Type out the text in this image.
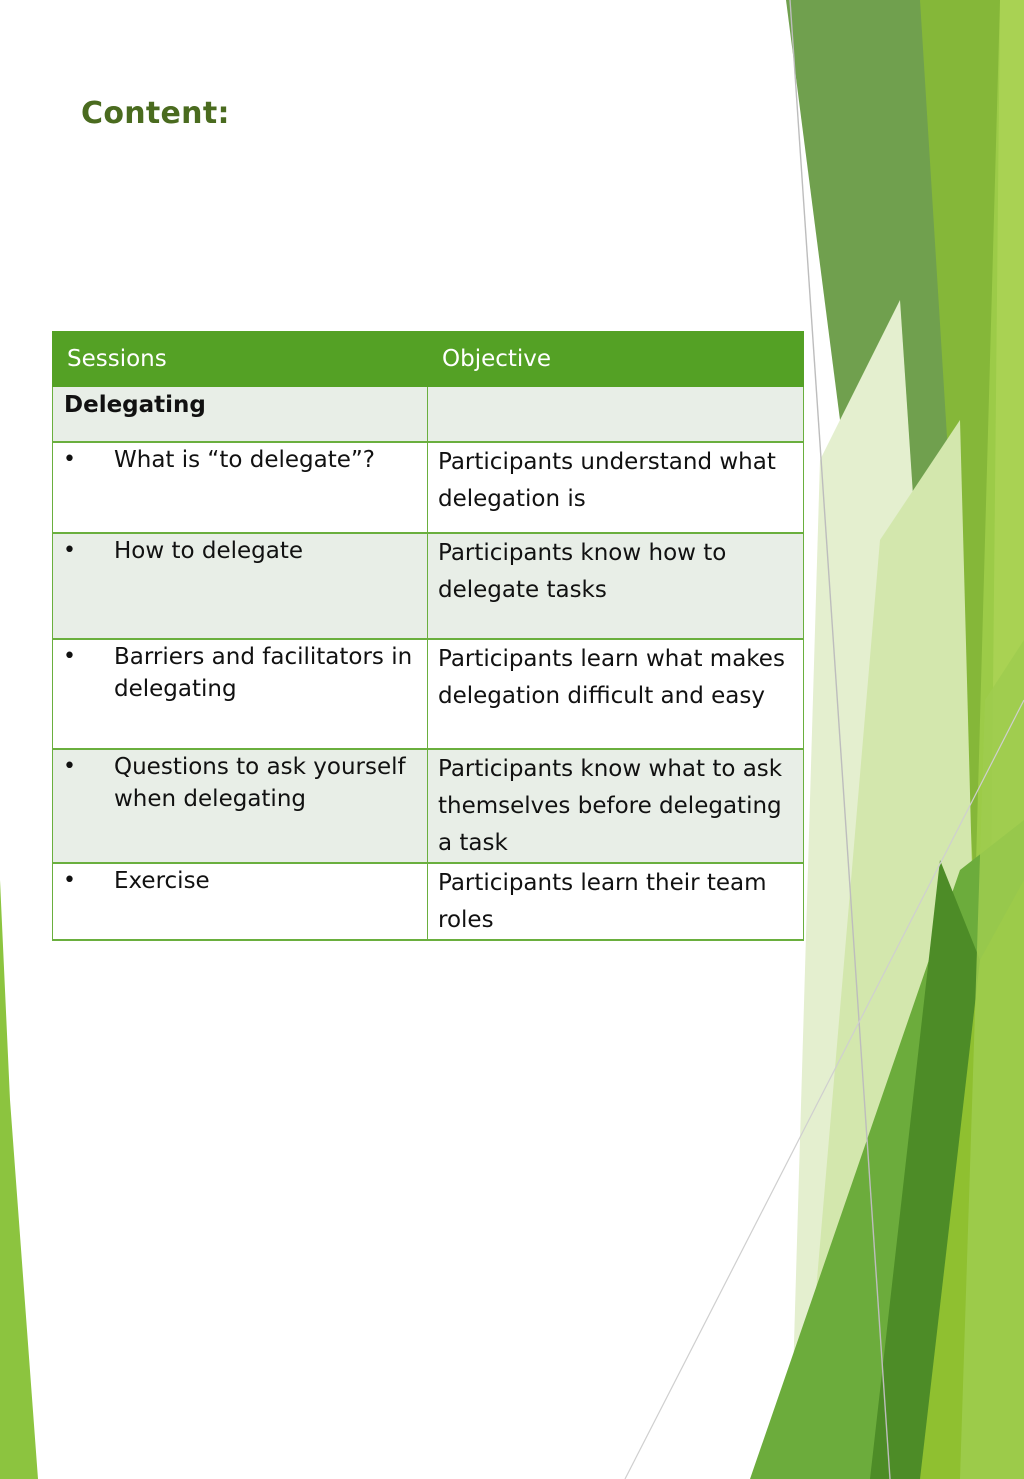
Content:
Sessions	Objective

Delegating	

• What is “to delegate”?	Participants understand what delegation is

• How to delegate	Participants know how to delegate tasks

• Barriers and facilitators in delegating	Participants learn what makes delegation difficult and easy

• Questions to ask yourself when delegating	Participants know what to ask themselves before delegating a task

• Exercise	Participants learn their team roles
